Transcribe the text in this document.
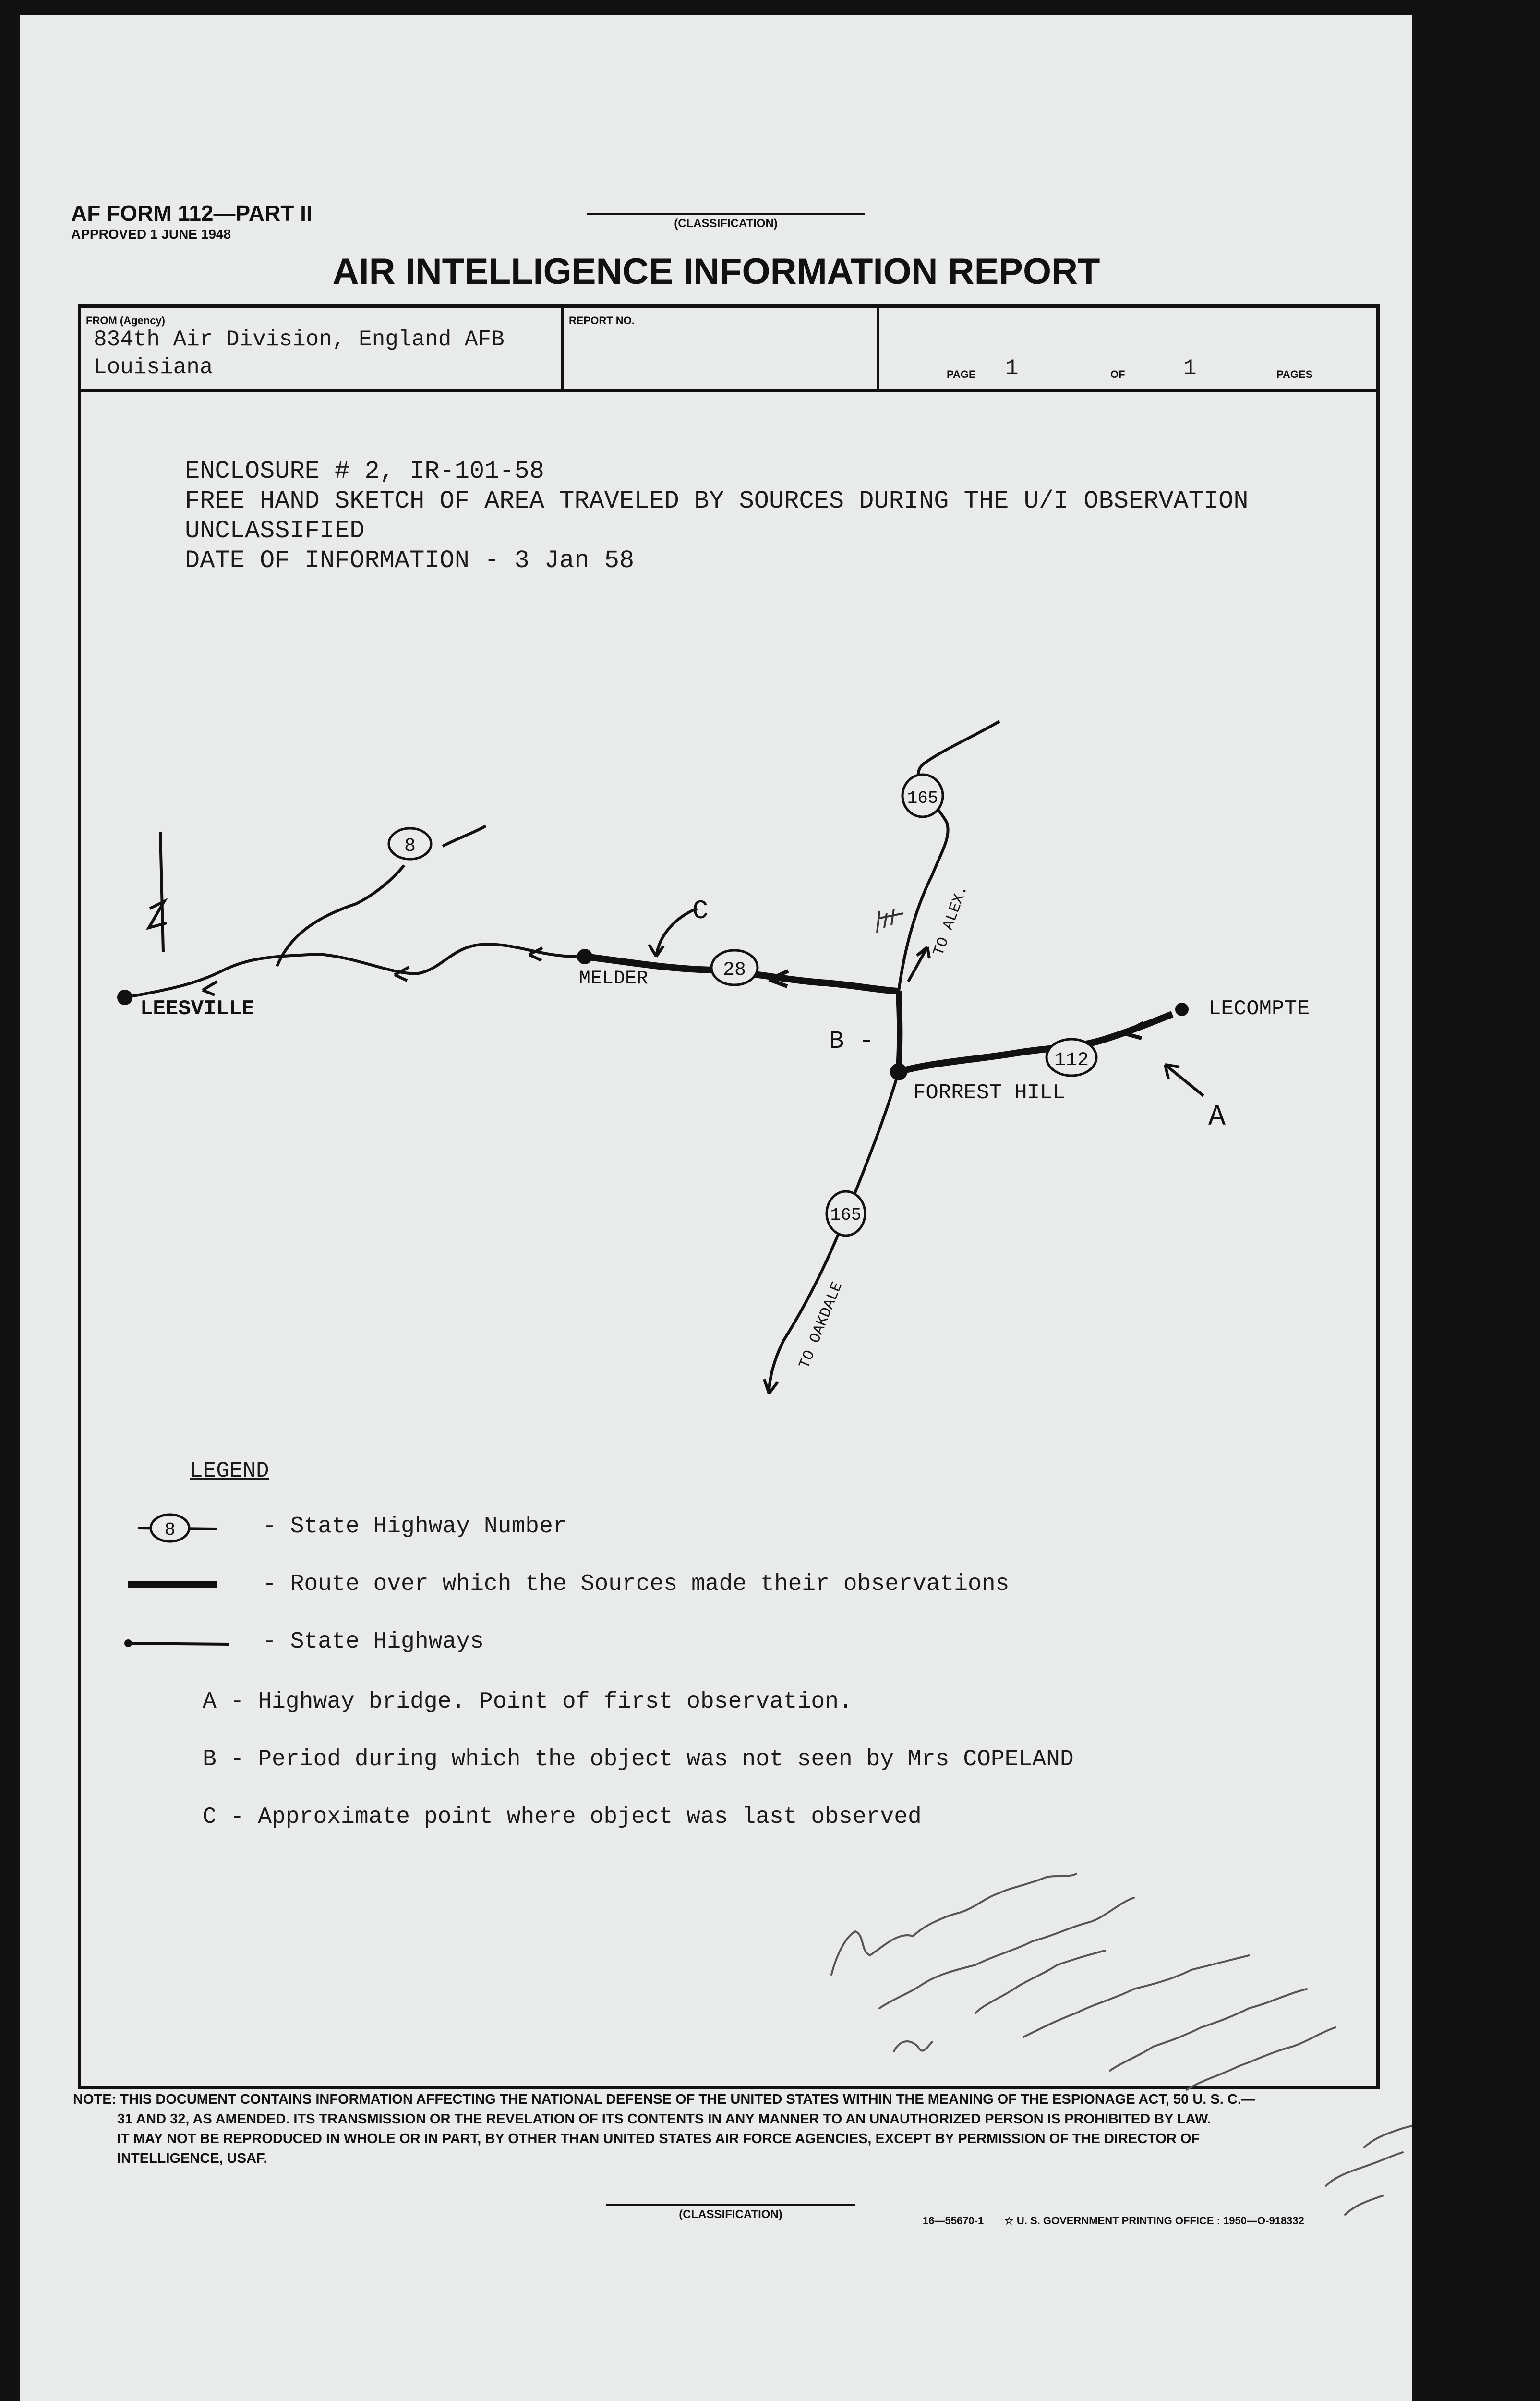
AF FORM 112—PART II
APPROVED 1 JUNE 1948
(CLASSIFICATION)
AIR INTELLIGENCE INFORMATION REPORT
FROM (Agency)
834th Air Division, England AFB
Louisiana
REPORT NO.
PAGE 1	OF	1	PAGES
ENCLOSURE # 2, IR-101-58
FREE HAND SKETCH OF AREA TRAVELED BY SOURCES DURING THE U/I OBSERVATION
UNCLASSIFIED
DATE OF INFORMATION - 3 Jan 58
8
28
112
165
165
LEESVILLE
MELDER
FORREST HILL
LECOMPTE
TO ALEX.
TO OAKDALE
B -
A
C
8
LEGEND
- State Highway Number
- Route over which the Sources made their observations
- State Highways
A - Highway bridge. Point of first observation.
B - Period during which the object was not seen by Mrs COPELAND
C - Approximate point where object was last observed
NOTE: THIS DOCUMENT CONTAINS INFORMATION AFFECTING THE NATIONAL DEFENSE OF THE UNITED STATES WITHIN THE MEANING OF THE ESPIONAGE ACT, 50 U. S. C.—
31 AND 32, AS AMENDED. ITS TRANSMISSION OR THE REVELATION OF ITS CONTENTS IN ANY MANNER TO AN UNAUTHORIZED PERSON IS PROHIBITED BY LAW.
IT MAY NOT BE REPRODUCED IN WHOLE OR IN PART, BY OTHER THAN UNITED STATES AIR FORCE AGENCIES, EXCEPT BY PERMISSION OF THE DIRECTOR OF
INTELLIGENCE, USAF.
(CLASSIFICATION)	16—55670-1 ☆ U. S. GOVERNMENT PRINTING OFFICE : 1950—O-918332
